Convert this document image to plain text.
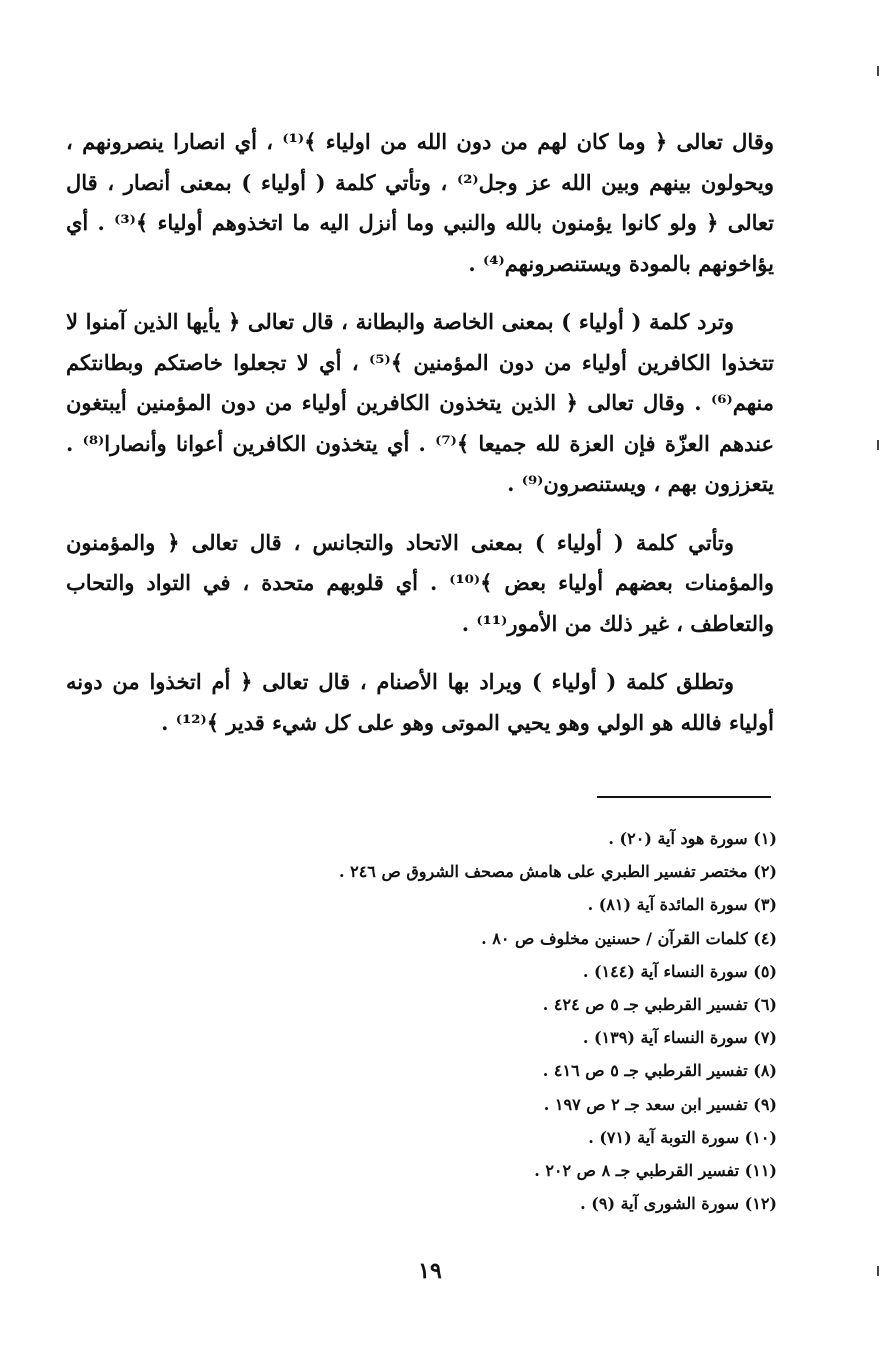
وقال تعالى ﴿ وما كان لهم من دون الله من اولياء ﴾⁽¹⁾ ، أي انصارا ينصرونهم ، ويحولون بينهم وبين الله عز وجل⁽²⁾ ، وتأتي كلمة ( أولياء ) بمعنى أنصار ، قال تعالى ﴿ ولو كانوا يؤمنون بالله والنبي وما أنزل اليه ما اتخذوهم أولياء ﴾⁽³⁾ . أي يؤاخونهم بالمودة ويستنصرونهم⁽⁴⁾ .

وترد كلمة ( أولياء ) بمعنى الخاصة والبطانة ، قال تعالى ﴿ يأيها الذين آمنوا لا تتخذوا الكافرين أولياء من دون المؤمنين ﴾⁽⁵⁾ ، أي لا تجعلوا خاصتكم وبطانتكم منهم⁽⁶⁾ . وقال تعالى ﴿ الذين يتخذون الكافرين أولياء من دون المؤمنين أيبتغون عندهم العزّة فإن العزة لله جميعا ﴾⁽⁷⁾ . أي يتخذون الكافرين أعوانا وأنصارا⁽⁸⁾ . يتعززون بهم ، ويستنصرون⁽⁹⁾ .

وتأتي كلمة ( أولياء ) بمعنى الاتحاد والتجانس ، قال تعالى ﴿ والمؤمنون والمؤمنات بعضهم أولياء بعض ﴾⁽¹⁰⁾ . أي قلوبهم متحدة ، في التواد والتحاب والتعاطف ، غير ذلك من الأمور⁽¹¹⁾ .

وتطلق كلمة ( أولياء ) ويراد بها الأصنام ، قال تعالى ﴿ أم اتخذوا من دونه أولياء فالله هو الولي وهو يحيي الموتى وهو على كل شيء قدير ﴾⁽¹²⁾ .

(١) سورة هود آية (٢٠) .
(٢) مختصر تفسير الطبري على هامش مصحف الشروق ص ٢٤٦ .
(٣) سورة المائدة آية (٨١) .
(٤) كلمات القرآن / حسنين مخلوف ص ٨٠ .
(٥) سورة النساء آية (١٤٤) .
(٦) تفسير القرطبي جـ ٥ ص ٤٢٤ .
(٧) سورة النساء آية (١٣٩) .
(٨) تفسير القرطبي جـ ٥ ص ٤١٦ .
(٩) تفسير ابن سعد جـ ٢ ص ١٩٧ .
(١٠) سورة التوبة آية (٧١) .
(١١) تفسير القرطبي جـ ٨ ص ٢٠٢ .
(١٢) سورة الشورى آية (٩) .
١٩
